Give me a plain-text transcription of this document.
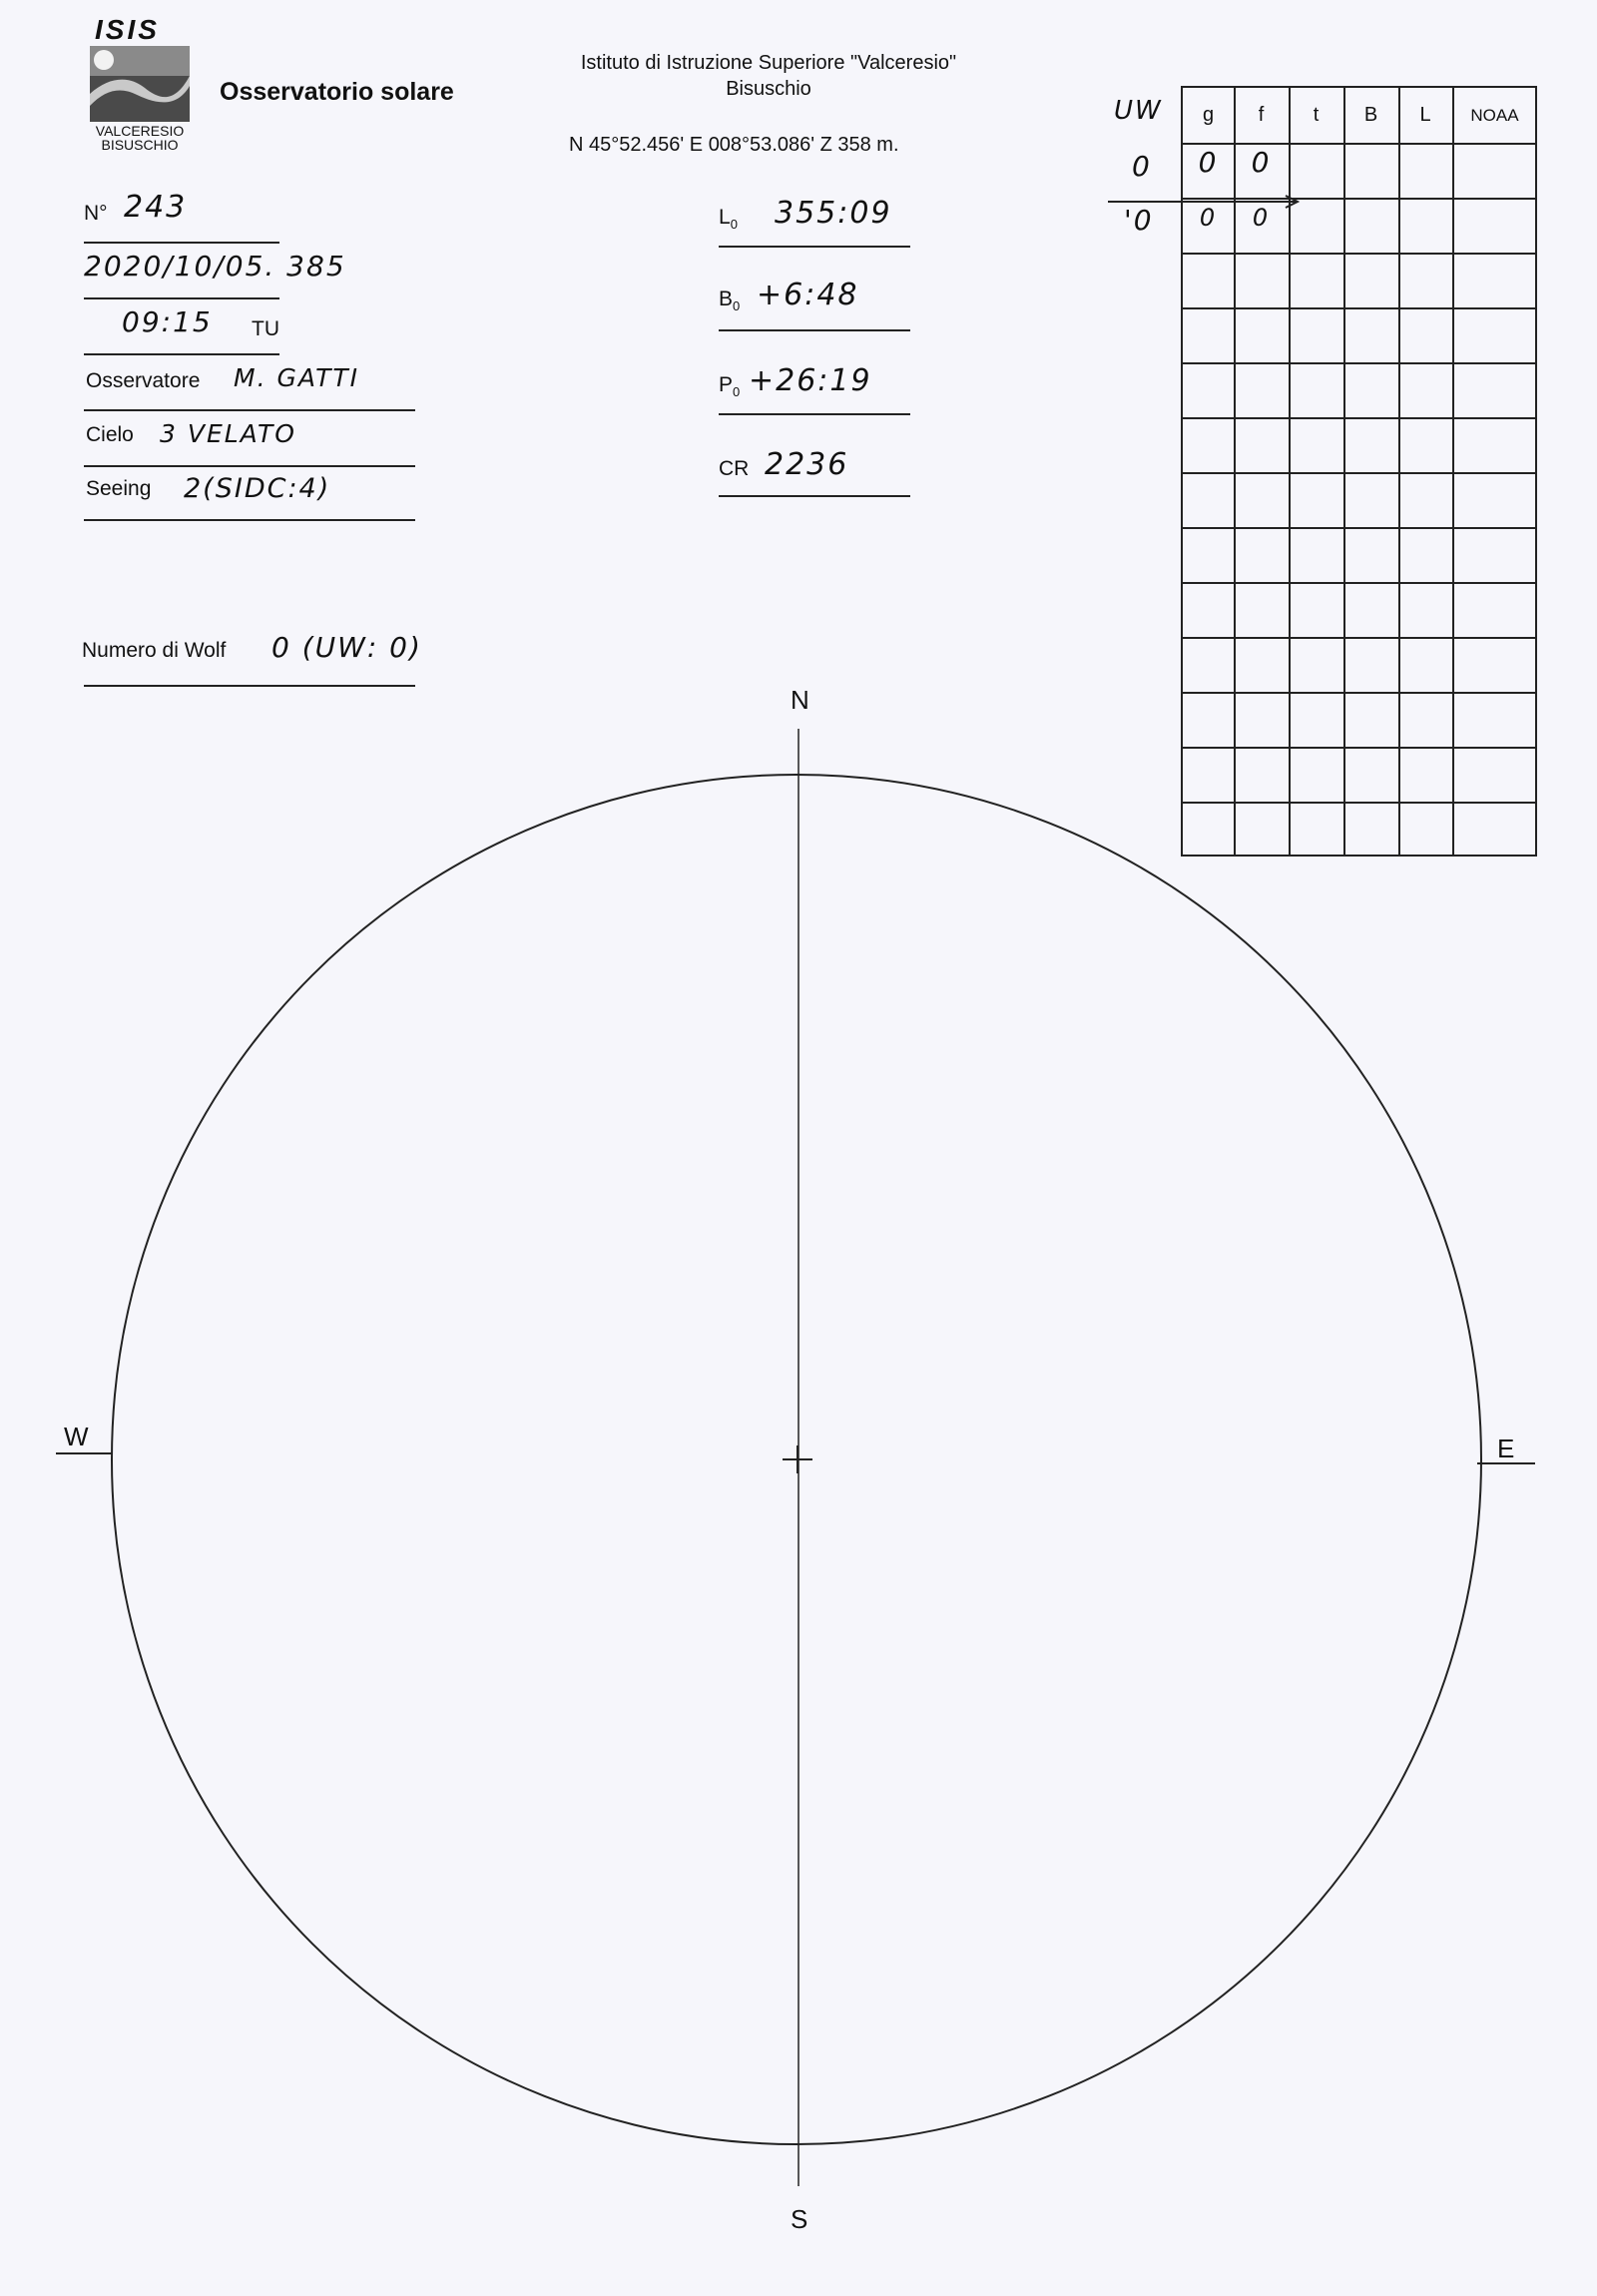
ISIS
VALCERESIO
BISUSCHIO
Osservatorio solare
Istituto di Istruzione Superiore "Valceresio"
Bisuschio
N 45°52.456' E 008°53.086' Z 358 m.
N° 243
2020/10/05. 385
09:15 TU
Osservatore M. GATTI
Cielo 3 VELATO
Seeing 2(SIDC:4)
Numero di Wolf 0 (UW: 0)
$L_0$ 355:09
$B_0$ +6:48
$P_0$ +26:19
CR 2236
UW
0
'0
g	f	t	B	L	NOAA
0	0
0	0
N
S
W	E
